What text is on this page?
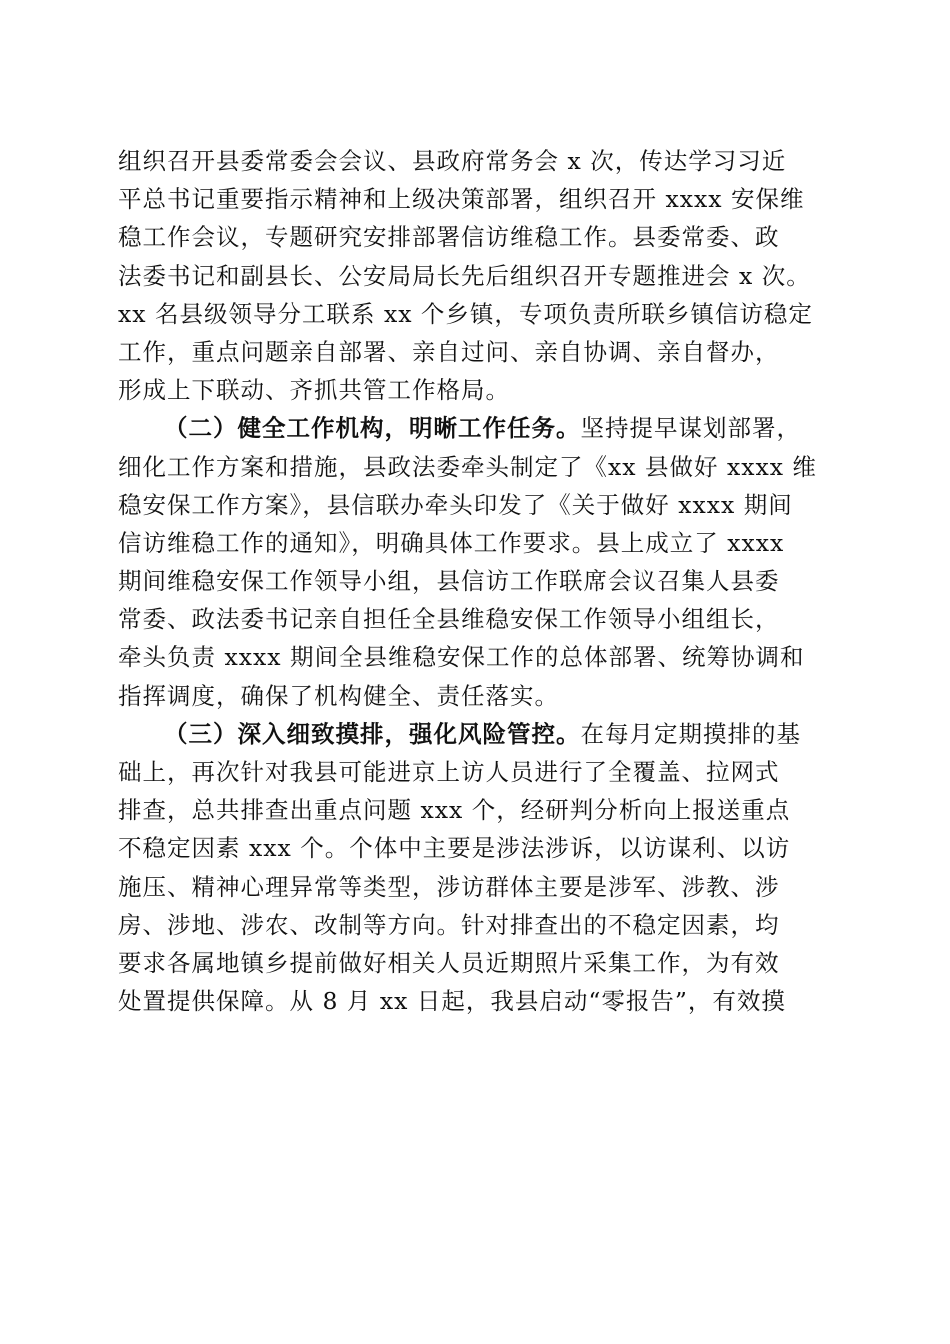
组织召开县委常委会会议、县政府常务会 x 次，传达学习习近
平总书记重要指示精神和上级决策部署，组织召开 xxxx 安保维
稳工作会议，专题研究安排部署信访维稳工作。县委常委、政
法委书记和副县长、公安局局长先后组织召开专题推进会 x 次。
xx 名县级领导分工联系 xx 个乡镇，专项负责所联乡镇信访稳定
工作，重点问题亲自部署、亲自过问、亲自协调、亲自督办，
形成上下联动、齐抓共管工作格局。
（二）健全工作机构，明晰工作任务。坚持提早谋划部署，
细化工作方案和措施，县政法委牵头制定了《xx 县做好 xxxx 维
稳安保工作方案》，县信联办牵头印发了《关于做好 xxxx 期间
信访维稳工作的通知》，明确具体工作要求。县上成立了 xxxx
期间维稳安保工作领导小组，县信访工作联席会议召集人县委
常委、政法委书记亲自担任全县维稳安保工作领导小组组长，
牵头负责 xxxx 期间全县维稳安保工作的总体部署、统筹协调和
指挥调度，确保了机构健全、责任落实。
（三）深入细致摸排，强化风险管控。在每月定期摸排的基
础上，再次针对我县可能进京上访人员进行了全覆盖、拉网式
排查，总共排查出重点问题 xxx 个，经研判分析向上报送重点
不稳定因素 xxx 个。个体中主要是涉法涉诉，以访谋利、以访
施压、精神心理异常等类型，涉访群体主要是涉军、涉教、涉
房、涉地、涉农、改制等方向。针对排查出的不稳定因素，均
要求各属地镇乡提前做好相关人员近期照片采集工作，为有效
处置提供保障。从 8 月 xx 日起，我县启动“零报告”，有效摸
